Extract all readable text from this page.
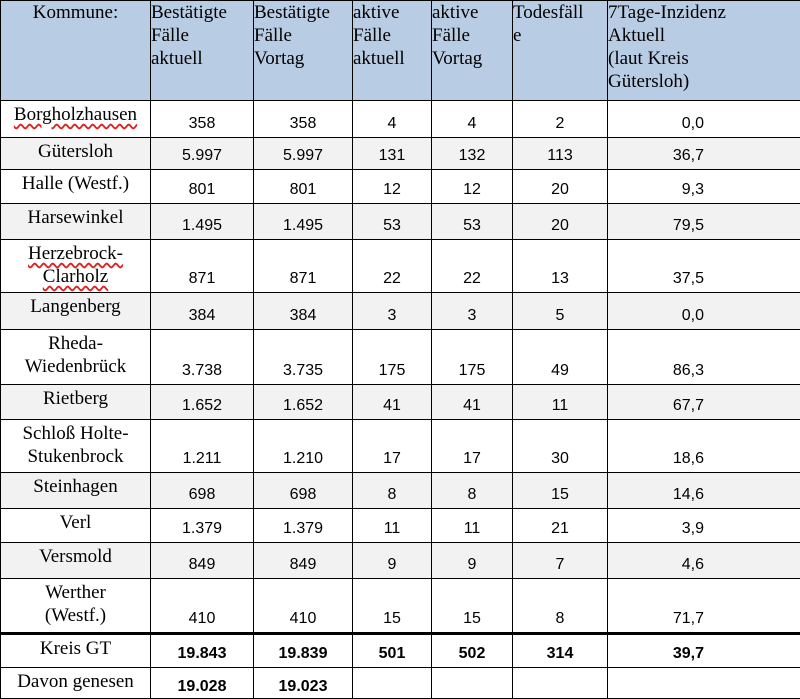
Kommune:	Bestätigte
Fälle
aktuell	Bestätigte
Fälle
Vortag	aktive
Fälle
aktuell	aktive
Fälle
Vortag	Todesfäll
e	7Tage-Inzidenz
Aktuell
(laut Kreis
Gütersloh)

Borgholzhausen	358	358	4	4	2	0,0

Gütersloh	5.997	5.997	131	132	113	36,7

Halle (Westf.)	801	801	12	12	20	9,3

Harsewinkel	1.495	1.495	53	53	20	79,5

Herzebrock-
Clarholz	871	871	22	22	13	37,5

Langenberg	384	384	3	3	5	0,0

Rheda-
Wiedenbrück	3.738	3.735	175	175	49	86,3

Rietberg	1.652	1.652	41	41	11	67,7

Schloß Holte-
Stukenbrock	1.211	1.210	17	17	30	18,6

Steinhagen	698	698	8	8	15	14,6

Verl	1.379	1.379	11	11	21	3,9

Versmold	849	849	9	9	7	4,6

Werther
(Westf.)	410	410	15	15	8	71,7

Kreis GT	19.843	19.839	501	502	314	39,7

Davon genesen	19.028	19.023				
